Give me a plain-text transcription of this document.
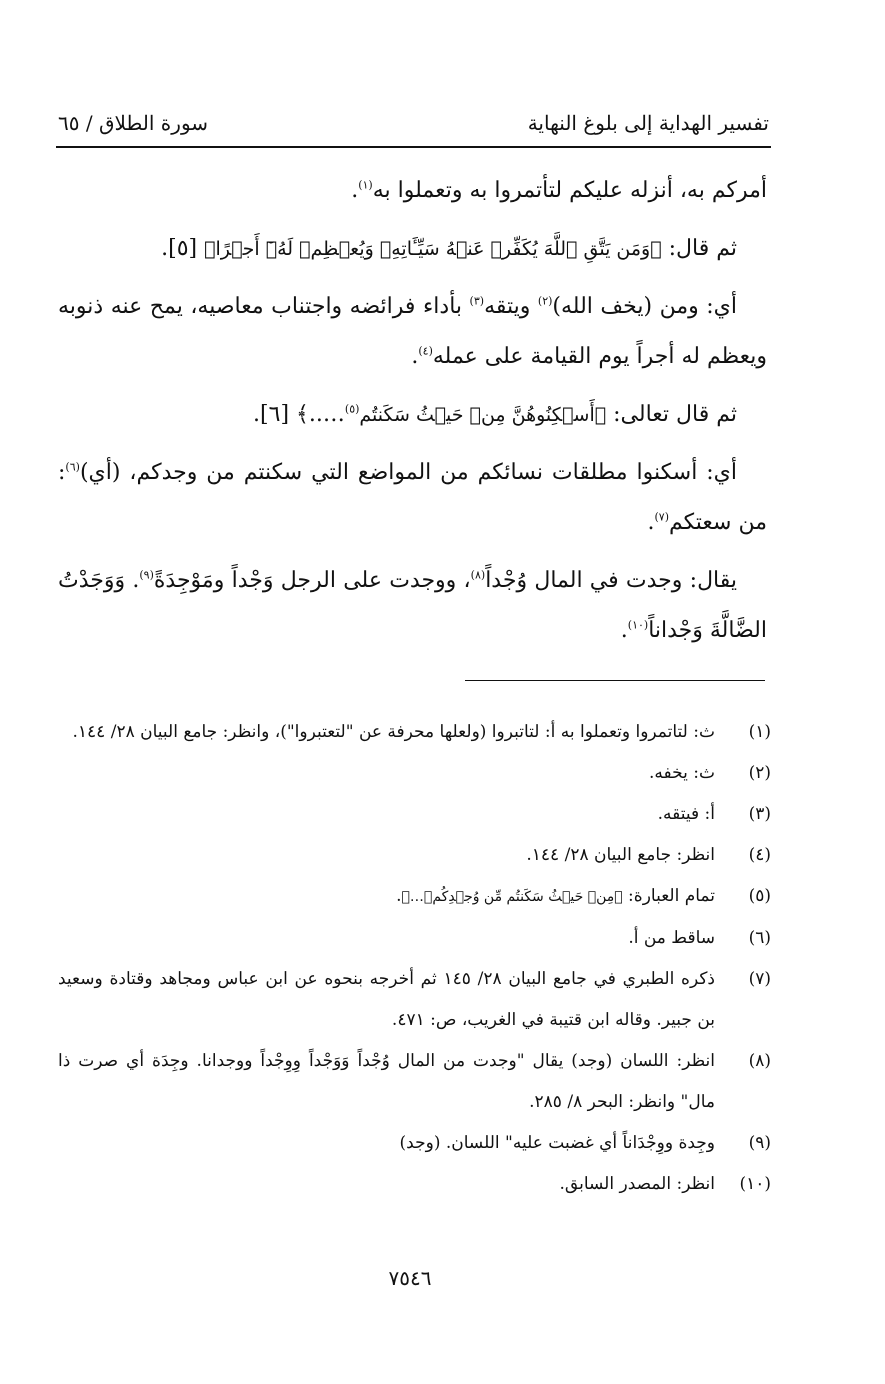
تفسير الهداية إلى بلوغ النهاية
سورة الطلاق / ٦٥

أمركم به، أنزله عليكم لتأتمروا به وتعملوا به$^{(١)}$.

ثم قال: ﴿وَمَن يَتَّقِ ٱللَّهَ يُكَفِّرۡ عَنۡهُ سَيِّـَٔاتِهِۦ وَيُعۡظِمۡ لَهُۥٓ أَجۡرًا﴾ [٥].

أي: ومن (يخف الله)$^{(٢)}$ ويتقه$^{(٣)}$ بأداء فرائضه واجتناب معاصيه، يمح عنه ذنوبه ويعظم له أجراً يوم القيامة على عمله$^{(٤)}$.

ثم قال تعالى: ﴿أَسۡكِنُوهُنَّ مِنۡ حَيۡثُ سَكَنتُم$^{(٥)}$…..﴾ [٦].

أي: أسكنوا مطلقات نسائكم من المواضع التي سكنتم من وجدكم، (أي)$^{(٦)}$: من سعتكم$^{(٧)}$.

يقال: وجدت في المال وُجْداً$^{(٨)}$، ووجدت على الرجل وَجْداً ومَوْجِدَةً$^{(٩)}$. وَوَجَدْتُ الضَّالَّةَ وَجْداناً$^{(١٠)}$.

(١)
ث: لتاتمروا وتعملوا به أ: لتاتبروا (ولعلها محرفة عن "لتعتبروا")، وانظر: جامع البيان ٢٨/ ١٤٤.
(٢)
ث: يخفه.
(٣)
أ: فيتقه.
(٤)
انظر: جامع البيان ٢٨/ ١٤٤.
(٥)
تمام العبارة: ﴿مِنۡ حَيۡثُ سَكَنتُم مِّن وُجۡدِكُمۡ…﴾.
(٦)
ساقط من أ.
(٧)
ذكره الطبري في جامع البيان ٢٨/ ١٤٥ ثم أخرجه بنحوه عن ابن عباس ومجاهد وقتادة وسعيد بن جبير. وقاله ابن قتيبة في الغريب، ص: ٤٧١.
(٨)
انظر: اللسان (وجد) يقال "وجدت من المال وُجْداً وَوَجْداً وِوِجْداً ووجدانا. وجِدَة أي صرت ذا مال" وانظر: البحر ٨/ ٢٨٥.
(٩)
وجِدة ووِجْدَاناً أي غضبت عليه" اللسان. (وجد)
(١٠)
انظر: المصدر السابق.
٧٥٤٦
